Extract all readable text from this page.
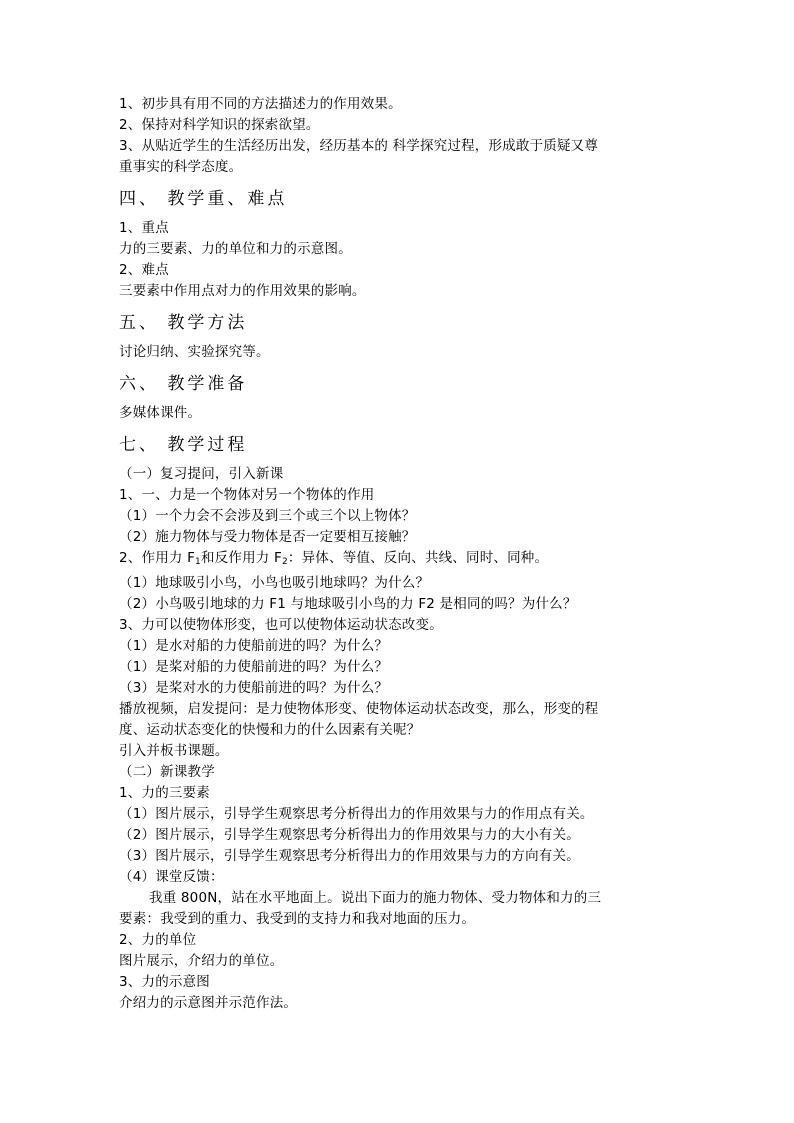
1、初步具有用不同的方法描述力的作用效果。
2、保持对科学知识的探索欲望。
3、从贴近学生的生活经历出发，经历基本的 科学探究过程，形成敢于质疑又尊
重事实的科学态度。
四、 教学重、难点
1、重点
力的三要素、力的单位和力的示意图。
2、难点
三要素中作用点对力的作用效果的影响。
五、 教学方法
讨论归纳、实验探究等。
六、 教学准备
多媒体课件。
七、 教学过程
（一）复习提问，引入新课
1、一、力是一个物体对另一个物体的作用
（1）一个力会不会涉及到三个或三个以上物体？
（2）施力物体与受力物体是否一定要相互接触？
2、作用力 $F_1$和反作用力 $F_2$：异体、等值、反向、共线、同时、同种。
（1）地球吸引小鸟，小鸟也吸引地球吗？为什么？
（2）小鸟吸引地球的力 F1 与地球吸引小鸟的力 F2 是相同的吗？为什么？
3、力可以使物体形变，也可以使物体运动状态改变。
（1）是水对船的力使船前进的吗？为什么？
（1）是桨对船的力使船前进的吗？为什么？
（3）是桨对水的力使船前进的吗？为什么？
播放视频，启发提问：是力使物体形变、使物体运动状态改变，那么，形变的程
度、运动状态变化的快慢和力的什么因素有关呢？
引入并板书课题。
（二）新课教学
1、力的三要素
（1）图片展示，引导学生观察思考分析得出力的作用效果与力的作用点有关。
（2）图片展示，引导学生观察思考分析得出力的作用效果与力的大小有关。
（3）图片展示，引导学生观察思考分析得出力的作用效果与力的方向有关。
（4）课堂反馈：
我重 800N，站在水平地面上。说出下面力的施力物体、受力物体和力的三
要素：我受到的重力、我受到的支持力和我对地面的压力。
2、力的单位
图片展示，介绍力的单位。
3、力的示意图
介绍力的示意图并示范作法。
